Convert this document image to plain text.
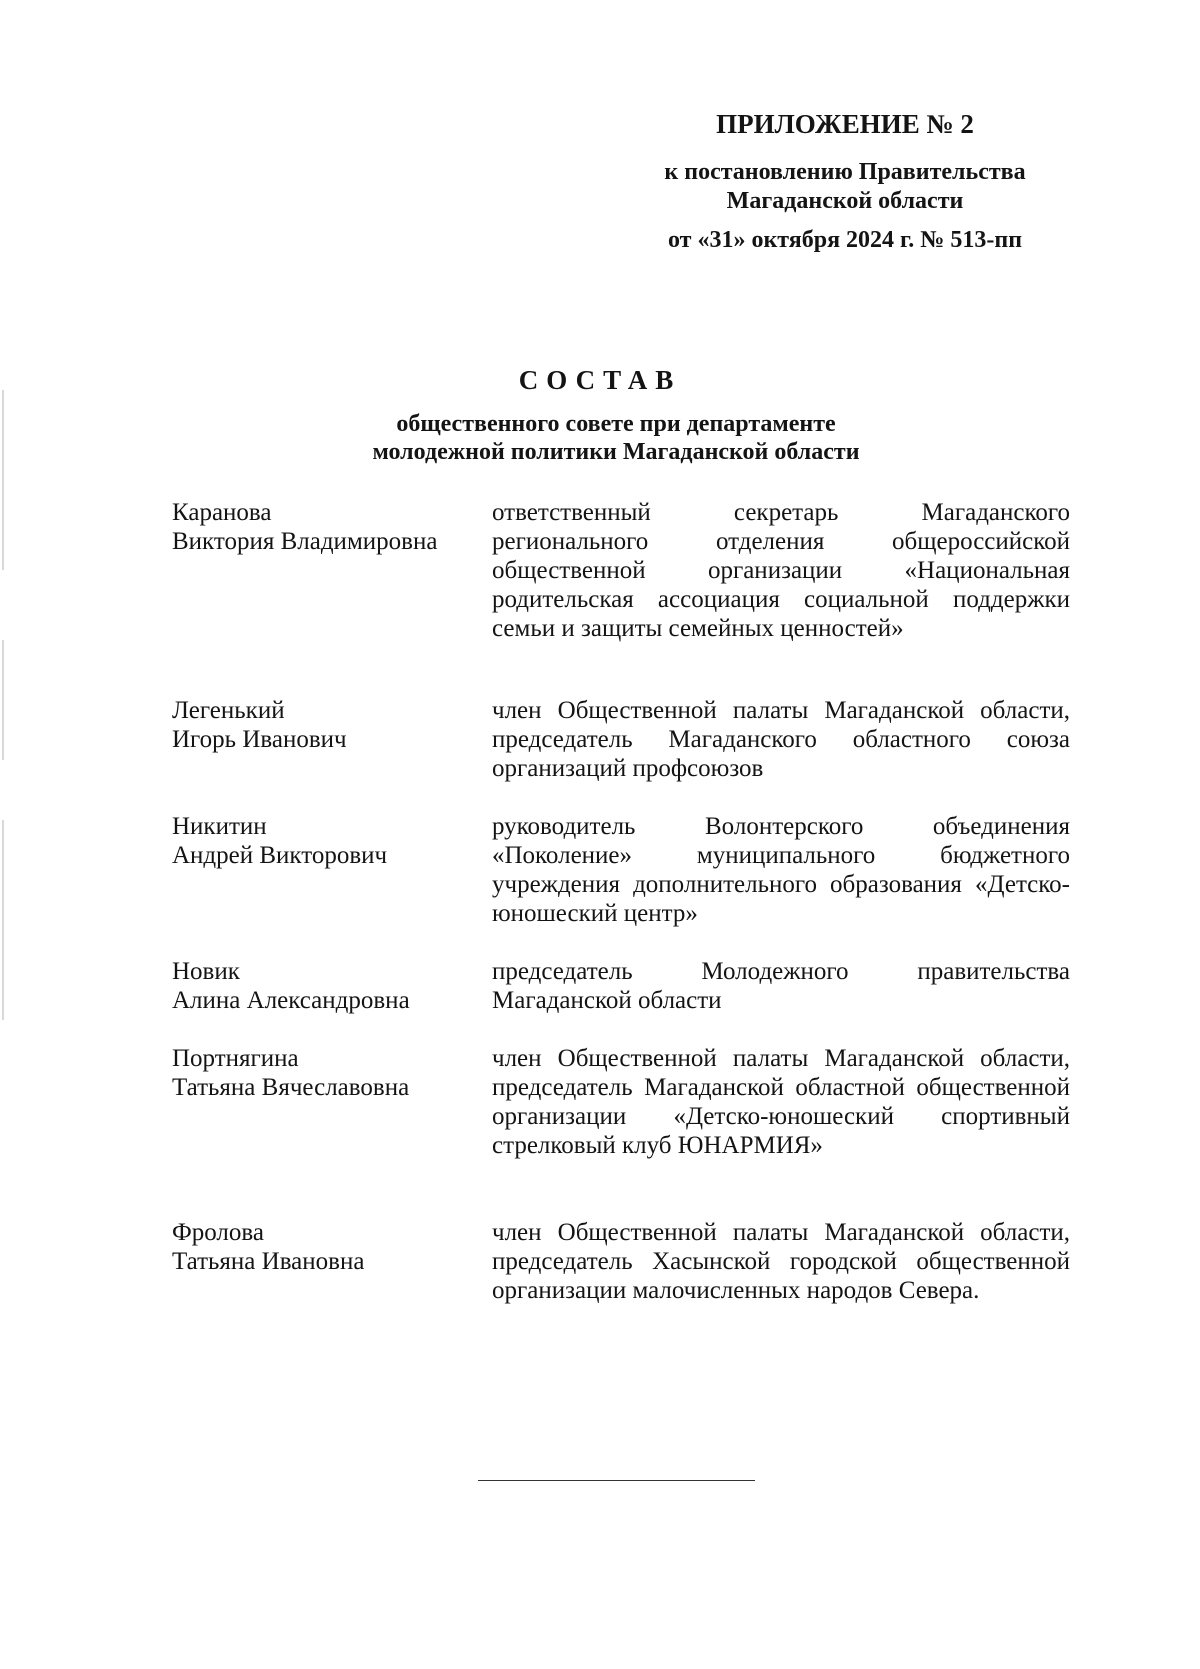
ПРИЛОЖЕНИЕ № 2
к постановлению Правительства
Магаданской области
от «31» октября 2024 г. № 513-пп
СОСТАВ
общественного совете при департаменте
молодежной политики Магаданской области
Каранова
Виктория Владимировна
ответственный секретарь Магаданского регионального отделения общероссийской общественной организации «Национальная родительская ассоциация социальной поддержки семьи и защиты семейных ценностей»
Легенький
Игорь Иванович
член Общественной палаты Магаданской области, председатель Магаданского областного союза организаций профсоюзов
Никитин
Андрей Викторович
руководитель Волонтерского объединения «Поколение» муниципального бюджетного учреждения дополнительного образования «Детско-юношеский центр»
Новик
Алина Александровна
председатель Молодежного правительства Магаданской области
Портнягина
Татьяна Вячеславовна
член Общественной палаты Магаданской области, председатель Магаданской областной общественной организации «Детско-юношеский спортивный стрелковый клуб ЮНАРМИЯ»
Фролова
Татьяна Ивановна
член Общественной палаты Магаданской области, председатель Хасынской городской общественной организации малочисленных народов Севера.
